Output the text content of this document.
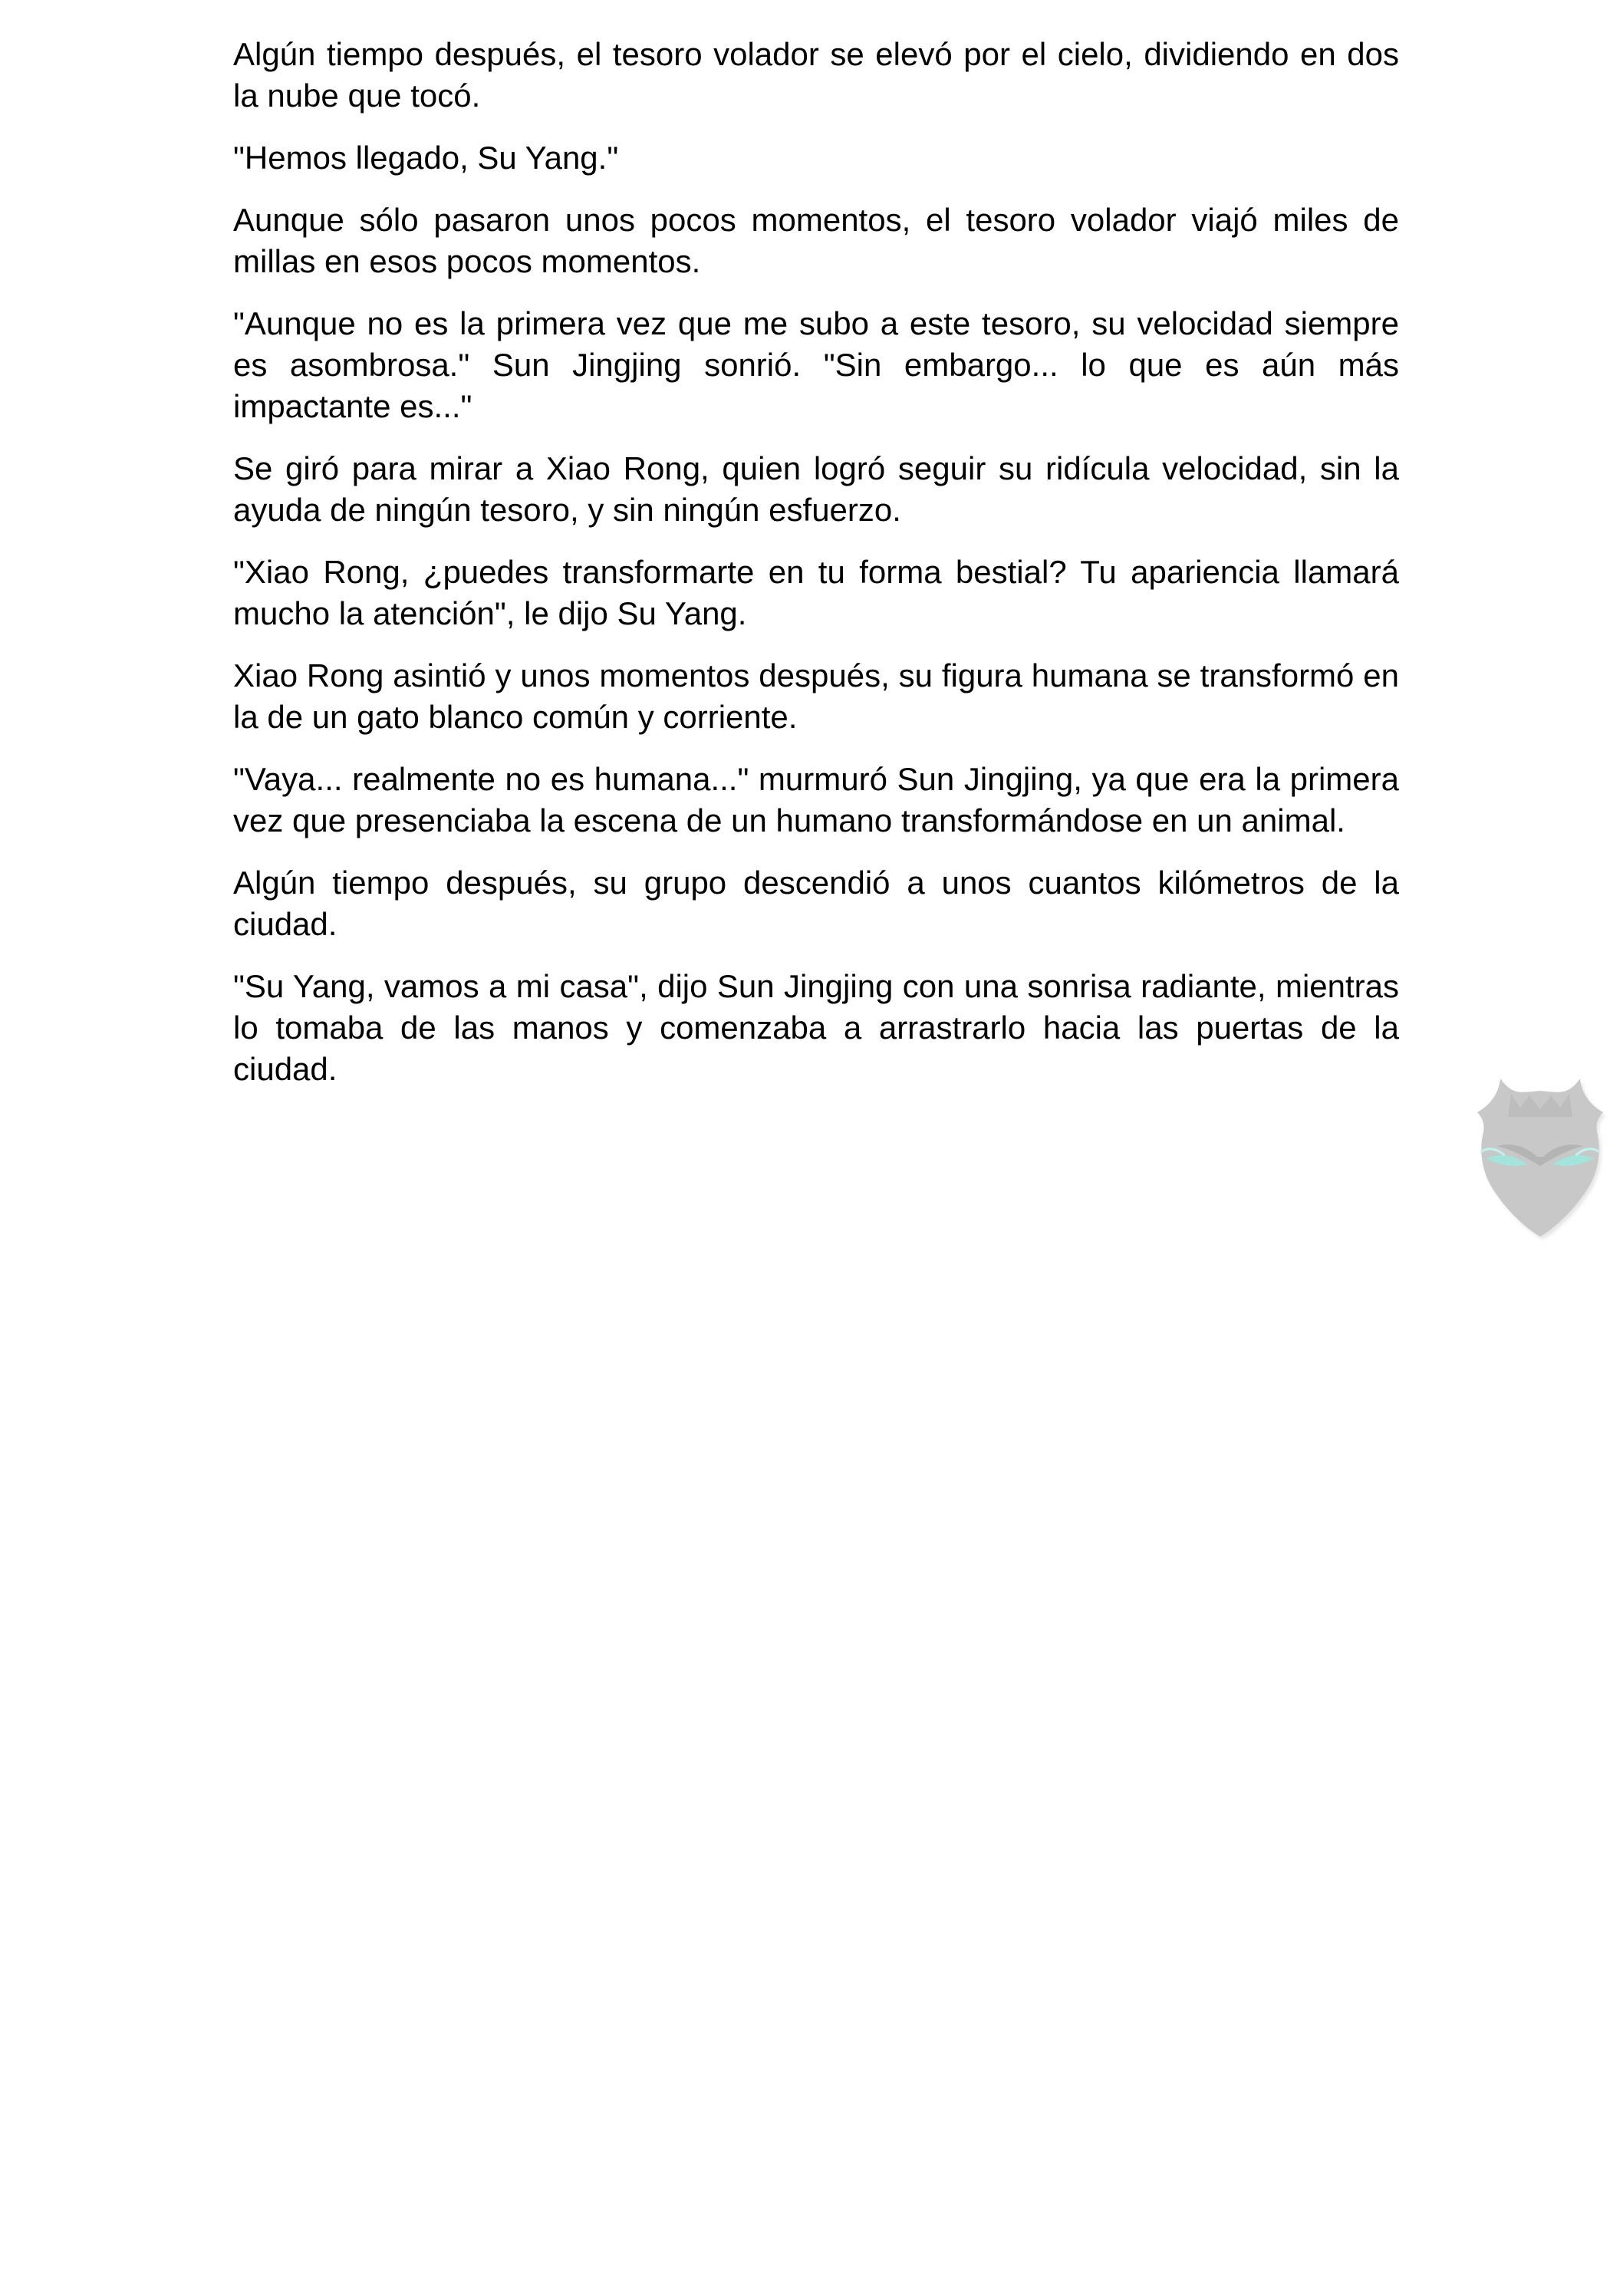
Algún tiempo después, el tesoro volador se elevó por el cielo, dividiendo en dos la nube que tocó.

"Hemos llegado, Su Yang."

Aunque sólo pasaron unos pocos momentos, el tesoro volador viajó miles de millas en esos pocos momentos.

"Aunque no es la primera vez que me subo a este tesoro, su velocidad siempre es asombrosa." Sun Jingjing sonrió. "Sin embargo... lo que es aún más impactante es..."

Se giró para mirar a Xiao Rong, quien logró seguir su ridícula velocidad, sin la ayuda de ningún tesoro, y sin ningún esfuerzo.

"Xiao Rong, ¿puedes transformarte en tu forma bestial? Tu apariencia llamará mucho la atención", le dijo Su Yang.

Xiao Rong asintió y unos momentos después, su figura humana se transformó en la de un gato blanco común y corriente.

"Vaya... realmente no es humana..." murmuró Sun Jingjing, ya que era la primera vez que presenciaba la escena de un humano transformándose en un animal.

Algún tiempo después, su grupo descendió a unos cuantos kilómetros de la ciudad.

"Su Yang, vamos a mi casa", dijo Sun Jingjing con una sonrisa radiante, mientras lo tomaba de las manos y comenzaba a arrastrarlo hacia las puertas de la ciudad.
